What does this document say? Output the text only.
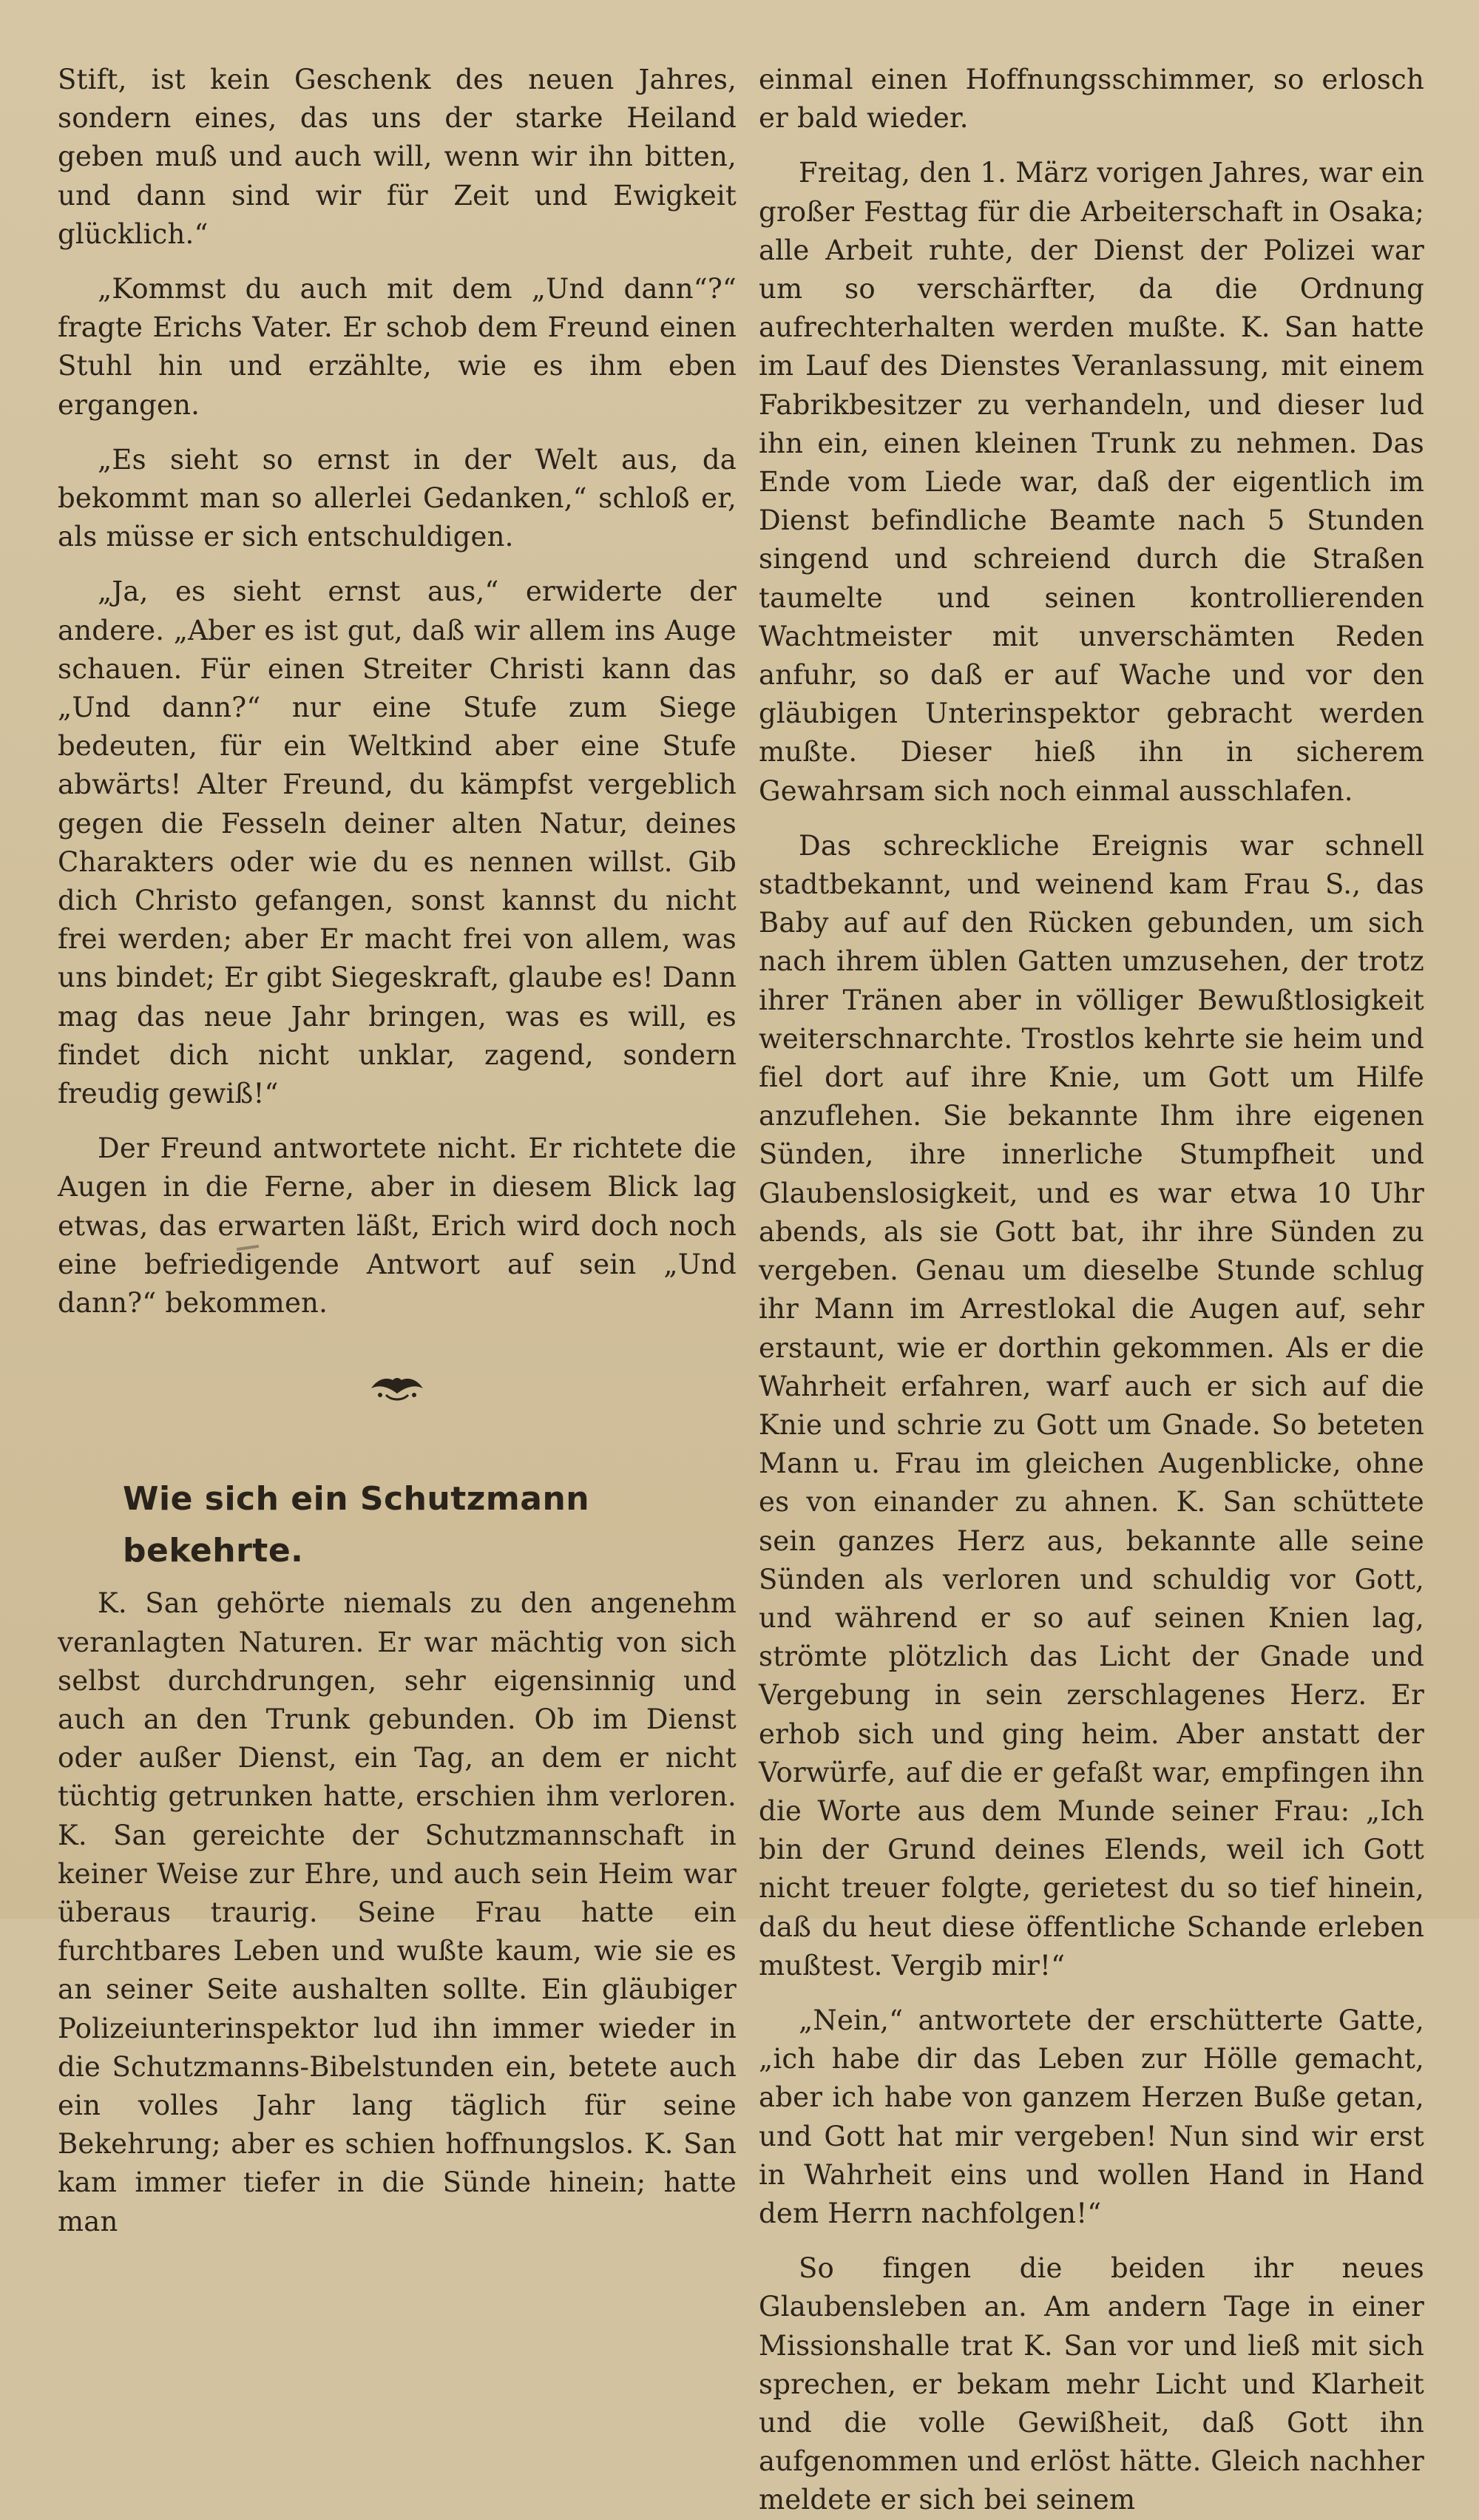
Stift, ist kein Geschenk des neuen Jahres, sondern eines, das uns der starke Heiland geben muß und auch will, wenn wir ihn bitten, und dann sind wir für Zeit und Ewigkeit glücklich.“

„Kommst du auch mit dem „Und dann“?“ fragte Erichs Vater. Er schob dem Freund einen Stuhl hin und erzählte, wie es ihm eben ergangen.

„Es sieht so ernst in der Welt aus, da bekommt man so allerlei Gedanken,“ schloß er, als müsse er sich entschuldigen.

„Ja, es sieht ernst aus,“ erwiderte der andere. „Aber es ist gut, daß wir allem ins Auge schauen. Für einen Streiter Christi kann das „Und dann?“ nur eine Stufe zum Siege bedeuten, für ein Weltkind aber eine Stufe abwärts! Alter Freund, du kämpfst vergeblich gegen die Fesseln deiner alten Natur, deines Charakters oder wie du es nennen willst. Gib dich Christo gefangen, sonst kannst du nicht frei werden; aber Er macht frei von allem, was uns bindet; Er gibt Siegeskraft, glaube es! Dann mag das neue Jahr bringen, was es will, es findet dich nicht unklar, zagend, sondern freudig gewiß!“

Der Freund antwortete nicht. Er richtete die Augen in die Ferne, aber in diesem Blick lag etwas, das erwarten läßt, Erich wird doch noch eine befriedigende Antwort auf sein „Und dann?“ bekommen.

Wie sich ein Schutzmann bekehrte.

K. San gehörte niemals zu den angenehm veranlagten Naturen. Er war mächtig von sich selbst durchdrungen, sehr eigensinnig und auch an den Trunk gebunden. Ob im Dienst oder außer Dienst, ein Tag, an dem er nicht tüchtig getrunken hatte, erschien ihm verloren. K. San gereichte der Schutzmannschaft in keiner Weise zur Ehre, und auch sein Heim war überaus traurig. Seine Frau hatte ein furchtbares Leben und wußte kaum, wie sie es an seiner Seite aushalten sollte. Ein gläubiger Polizeiunterinspektor lud ihn immer wieder in die Schutzmanns-Bibelstunden ein, betete auch ein volles Jahr lang täglich für seine Bekehrung; aber es schien hoffnungslos. K. San kam immer tiefer in die Sünde hinein; hatte man

einmal einen Hoffnungsschimmer, so erlosch er bald wieder.

Freitag, den 1. März vorigen Jahres, war ein großer Festtag für die Arbeiterschaft in Osaka; alle Arbeit ruhte, der Dienst der Polizei war um so verschärfter, da die Ordnung aufrechterhalten werden mußte. K. San hatte im Lauf des Dienstes Veranlassung, mit einem Fabrikbesitzer zu verhandeln, und dieser lud ihn ein, einen kleinen Trunk zu nehmen. Das Ende vom Liede war, daß der eigentlich im Dienst befindliche Beamte nach 5 Stunden singend und schreiend durch die Straßen taumelte und seinen kontrollierenden Wachtmeister mit unverschämten Reden anfuhr, so daß er auf Wache und vor den gläubigen Unterinspektor gebracht werden mußte. Dieser hieß ihn in sicherem Gewahrsam sich noch einmal ausschlafen.

Das schreckliche Ereignis war schnell stadtbekannt, und weinend kam Frau S., das Baby auf auf den Rücken gebunden, um sich nach ihrem üblen Gatten umzusehen, der trotz ihrer Tränen aber in völliger Bewußtlosigkeit weiterschnarchte. Trostlos kehrte sie heim und fiel dort auf ihre Knie, um Gott um Hilfe anzuflehen. Sie bekannte Ihm ihre eigenen Sünden, ihre innerliche Stumpfheit und Glaubenslosigkeit, und es war etwa 10 Uhr abends, als sie Gott bat, ihr ihre Sünden zu vergeben. Genau um dieselbe Stunde schlug ihr Mann im Arrestlokal die Augen auf, sehr erstaunt, wie er dorthin gekommen. Als er die Wahrheit erfahren, warf auch er sich auf die Knie und schrie zu Gott um Gnade. So beteten Mann u. Frau im gleichen Augenblicke, ohne es von einander zu ahnen. K. San schüttete sein ganzes Herz aus, bekannte alle seine Sünden als verloren und schuldig vor Gott, und während er so auf seinen Knien lag, strömte plötzlich das Licht der Gnade und Vergebung in sein zerschlagenes Herz. Er erhob sich und ging heim. Aber anstatt der Vorwürfe, auf die er gefaßt war, empfingen ihn die Worte aus dem Munde seiner Frau: „Ich bin der Grund deines Elends, weil ich Gott nicht treuer folgte, gerietest du so tief hinein, daß du heut diese öffentliche Schande erleben mußtest. Vergib mir!“

„Nein,“ antwortete der erschütterte Gatte, „ich habe dir das Leben zur Hölle gemacht, aber ich habe von ganzem Herzen Buße getan, und Gott hat mir vergeben! Nun sind wir erst in Wahrheit eins und wollen Hand in Hand dem Herrn nachfolgen!“

So fingen die beiden ihr neues Glaubensleben an. Am andern Tage in einer Missionshalle trat K. San vor und ließ mit sich sprechen, er bekam mehr Licht und Klarheit und die volle Gewißheit, daß Gott ihn aufgenommen und erlöst hätte. Gleich nachher meldete er sich bei seinem
